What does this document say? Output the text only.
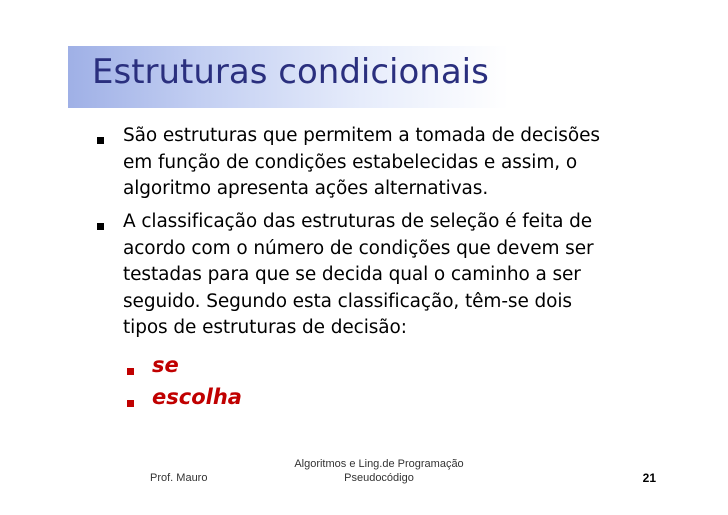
Estruturas condicionais
São estruturas que permitem a tomada de decisões
em função de condições estabelecidas e assim, o
algoritmo apresenta ações alternativas.
A classificação das estruturas de seleção é feita de
acordo com o número de condições que devem ser
testadas para que se decida qual o caminho a ser
seguido. Segundo esta classificação, têm-se dois
tipos de estruturas de decisão:
se
escolha
Prof. Mauro
Algoritmos e Ling.de Programação
Pseudocódigo	21
